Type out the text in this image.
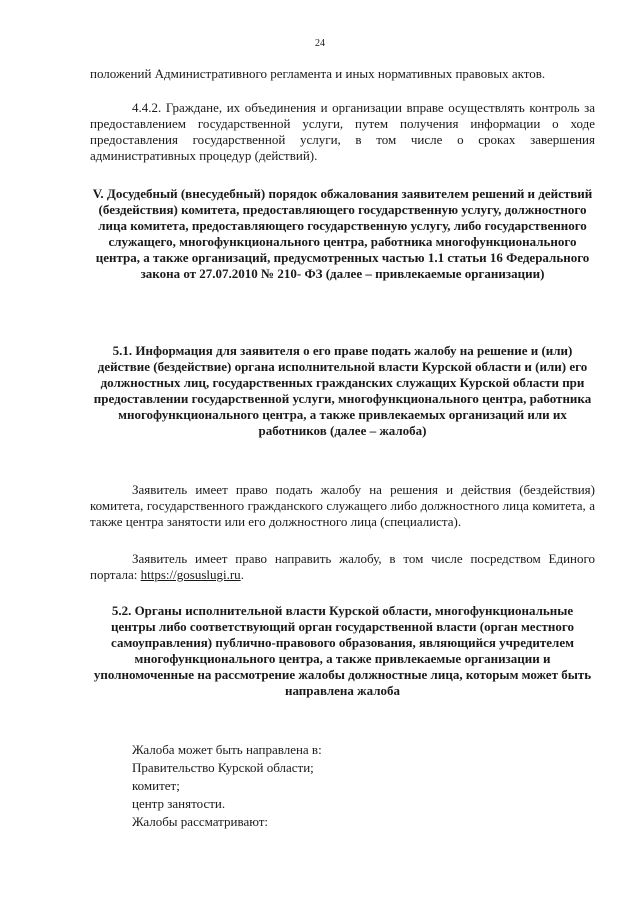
24

положений Административного регламента и иных нормативных правовых актов.

4.4.2. Граждане, их объединения и организации вправе осуществлять контроль за предоставлением государственной услуги, путем получения информации о ходе предоставления государственной услуги, в том числе о сроках завершения административных процедур (действий).

V. Досудебный (внесудебный) порядок обжалования заявителем решений и действий (бездействия) комитета, предоставляющего государственную услугу, должностного лица комитета, предоставляющего государственную услугу, либо государственного служащего, многофункционального центра, работника многофункционального центра, а также организаций, предусмотренных частью 1.1 статьи 16 Федерального закона от 27.07.2010 № 210- ФЗ (далее – привлекаемые организации)

5.1. Информация для заявителя о его праве подать жалобу на решение и (или) действие (бездействие) органа исполнительной власти Курской области и (или) его должностных лиц, государственных гражданских служащих Курской области при предоставлении государственной услуги, многофункционального центра, работника многофункционального центра, а также привлекаемых организаций или их работников (далее – жалоба)

Заявитель имеет право подать жалобу на решения и действия (бездействия) комитета, государственного гражданского служащего либо должностного лица комитета, а также центра занятости или его должностного лица (специалиста).

Заявитель имеет право направить жалобу, в том числе посредством Единого портала: https://gosuslugi.ru.

5.2. Органы исполнительной власти Курской области, многофункциональные центры либо соответствующий орган государственной власти (орган местного самоуправления) публично-правового образования, являющийся учредителем многофункционального центра, а также привлекаемые организации и уполномоченные на рассмотрение жалобы должностные лица, которым может быть направлена жалоба

Жалоба может быть направлена в:

Правительство Курской области;

комитет;

центр занятости.

Жалобы рассматривают:
